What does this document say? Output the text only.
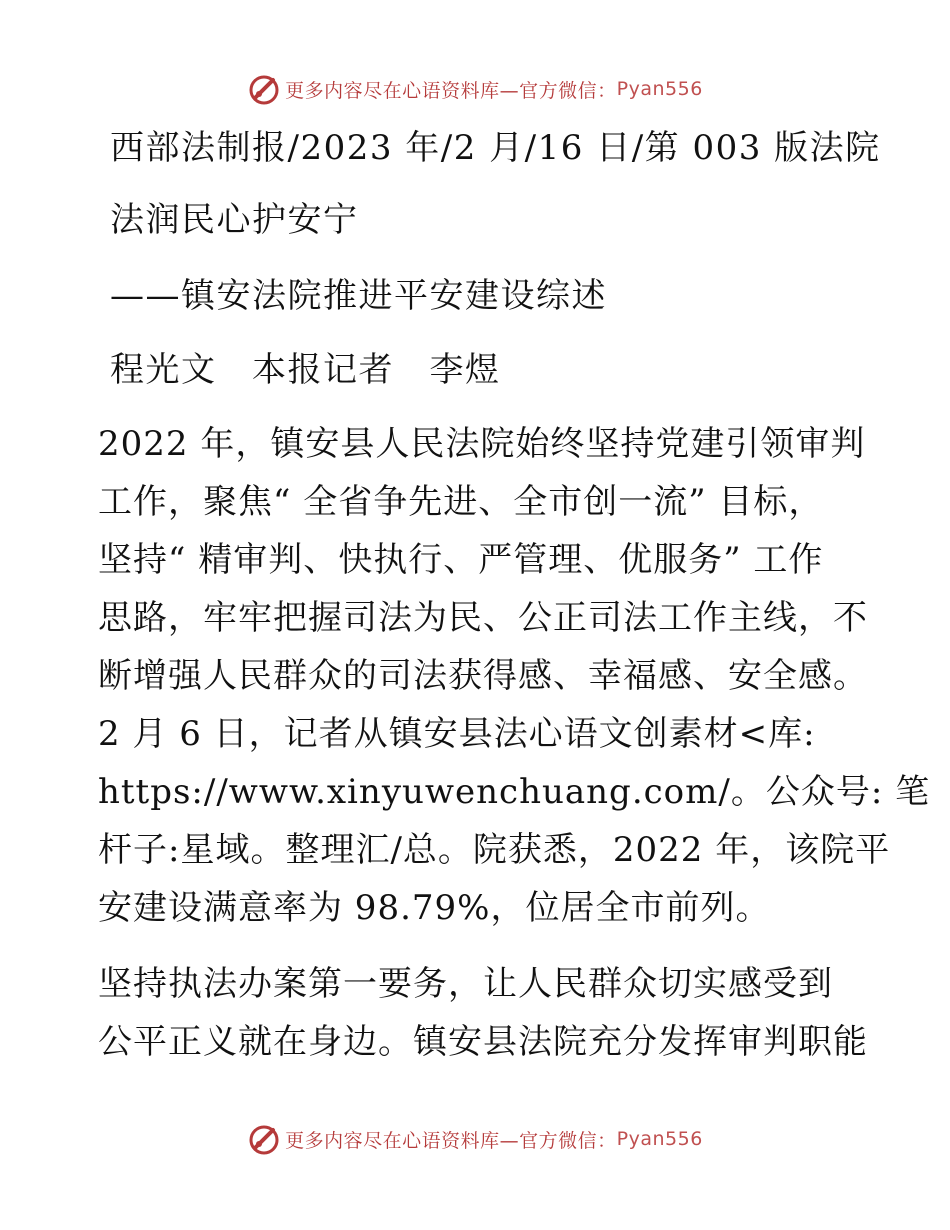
更多内容尽在心语资料库—官方微信： Pyan556
西部法制报/2023 年/2 月/16 日/第 003 版法院
法润民心护安宁
——镇安法院推进平安建设综述
程光文　本报记者　李煜
2022 年，镇安县人民法院始终坚持党建引领审判
工作，聚焦“ 全省争先进、全市创一流” 目标，
坚持“ 精审判、快执行、严管理、优服务” 工作
思路，牢牢把握司法为民、公正司法工作主线，不
断增强人民群众的司法获得感、幸福感、安全感。
2 月 6 日，记者从镇安县法心语文创素材<库:
https://www.xinyuwenchuang.com/。公众号: 笔
杆子:星域。整理汇/总。院获悉，2022 年，该院平
安建设满意率为 98.79%，位居全市前列。
坚持执法办案第一要务，让人民群众切实感受到
公平正义就在身边。镇安县法院充分发挥审判职能
更多内容尽在心语资料库—官方微信： Pyan556
